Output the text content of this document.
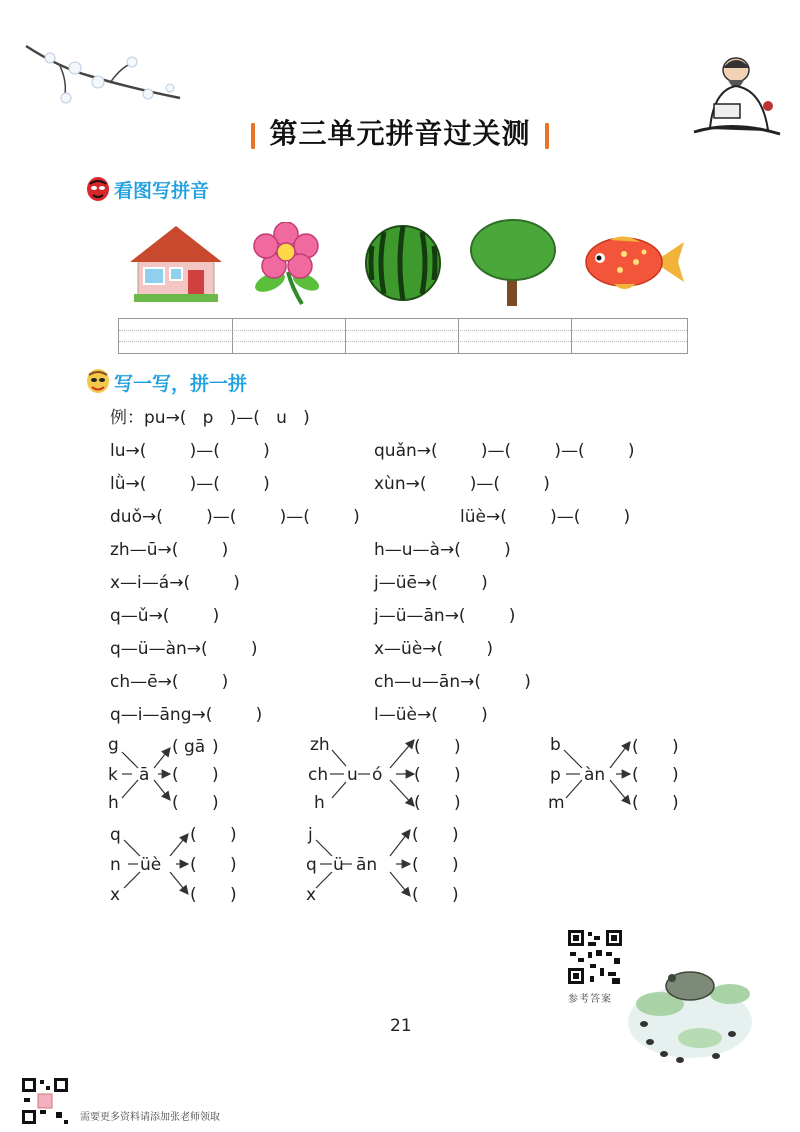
第三单元拼音过关测
看图写拼音
写一写，拼一拼
例：pu→(   p   )—(   u   )
lu→(        )—(        )	quǎn→(        )—(        )—(        )
lǜ→(        )—(        )	xùn→(        )—(        )
duǒ→(        )—(        )—(        )	lüè→(        )—(        )
zh—ū→(        )	h—u—à→(        )
x—i—á→(        )	j—üē→(        )
q—ǔ→(        )	j—ü—ān→(        )
q—ü—àn→(        )	x—üè→(        )
ch—ē→(        )	ch—u—ān→(        )
q—i—āng→(        )	l—üè→(        )
g
k
h
ā
( gā )
( )
( )
zh
ch
h
u ó
( )
( )
( )
b
p
m
àn
( )
( )
( )
q
n
x
üè
( )
( )
( )
j
q
x
ü ān
( )
( )
( )
参考答案
21
需要更多资料请添加张老师领取
